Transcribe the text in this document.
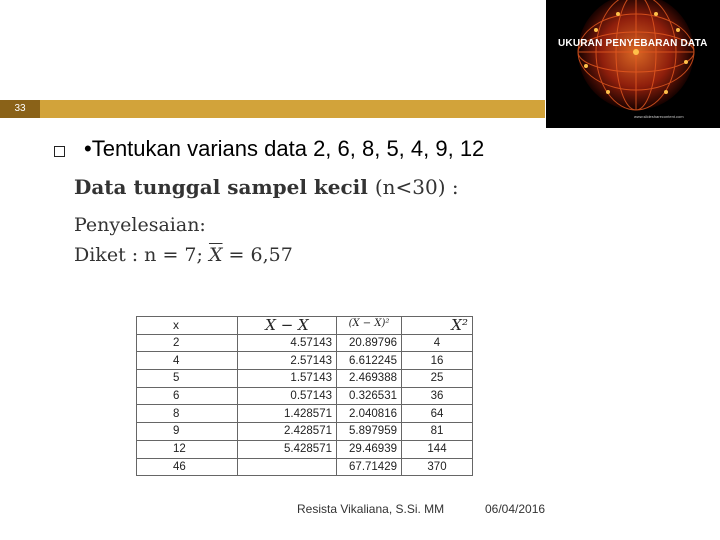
33
www.slidesharecontent.com
UKURAN PENYEBARAN DATA
•Tentukan varians data 2, 6, 8, 5, 4, 9, 12
Data tunggal sampel kecil (n<30) :
Penyelesaian:
Diket : n = 7; $\overline{X} = 6,57$
x	X − X	(X − X)²	X²
2	4.57143	20.89796	4
4	2.57143	6.612245	16
5	1.57143	2.469388	25
6	0.57143	0.326531	36
8	1.428571	2.040816	64
9	2.428571	5.897959	81
12	5.428571	29.46939	144
46		67.71429	370
Resista Vikaliana, S.Si. MM	06/04/2016
